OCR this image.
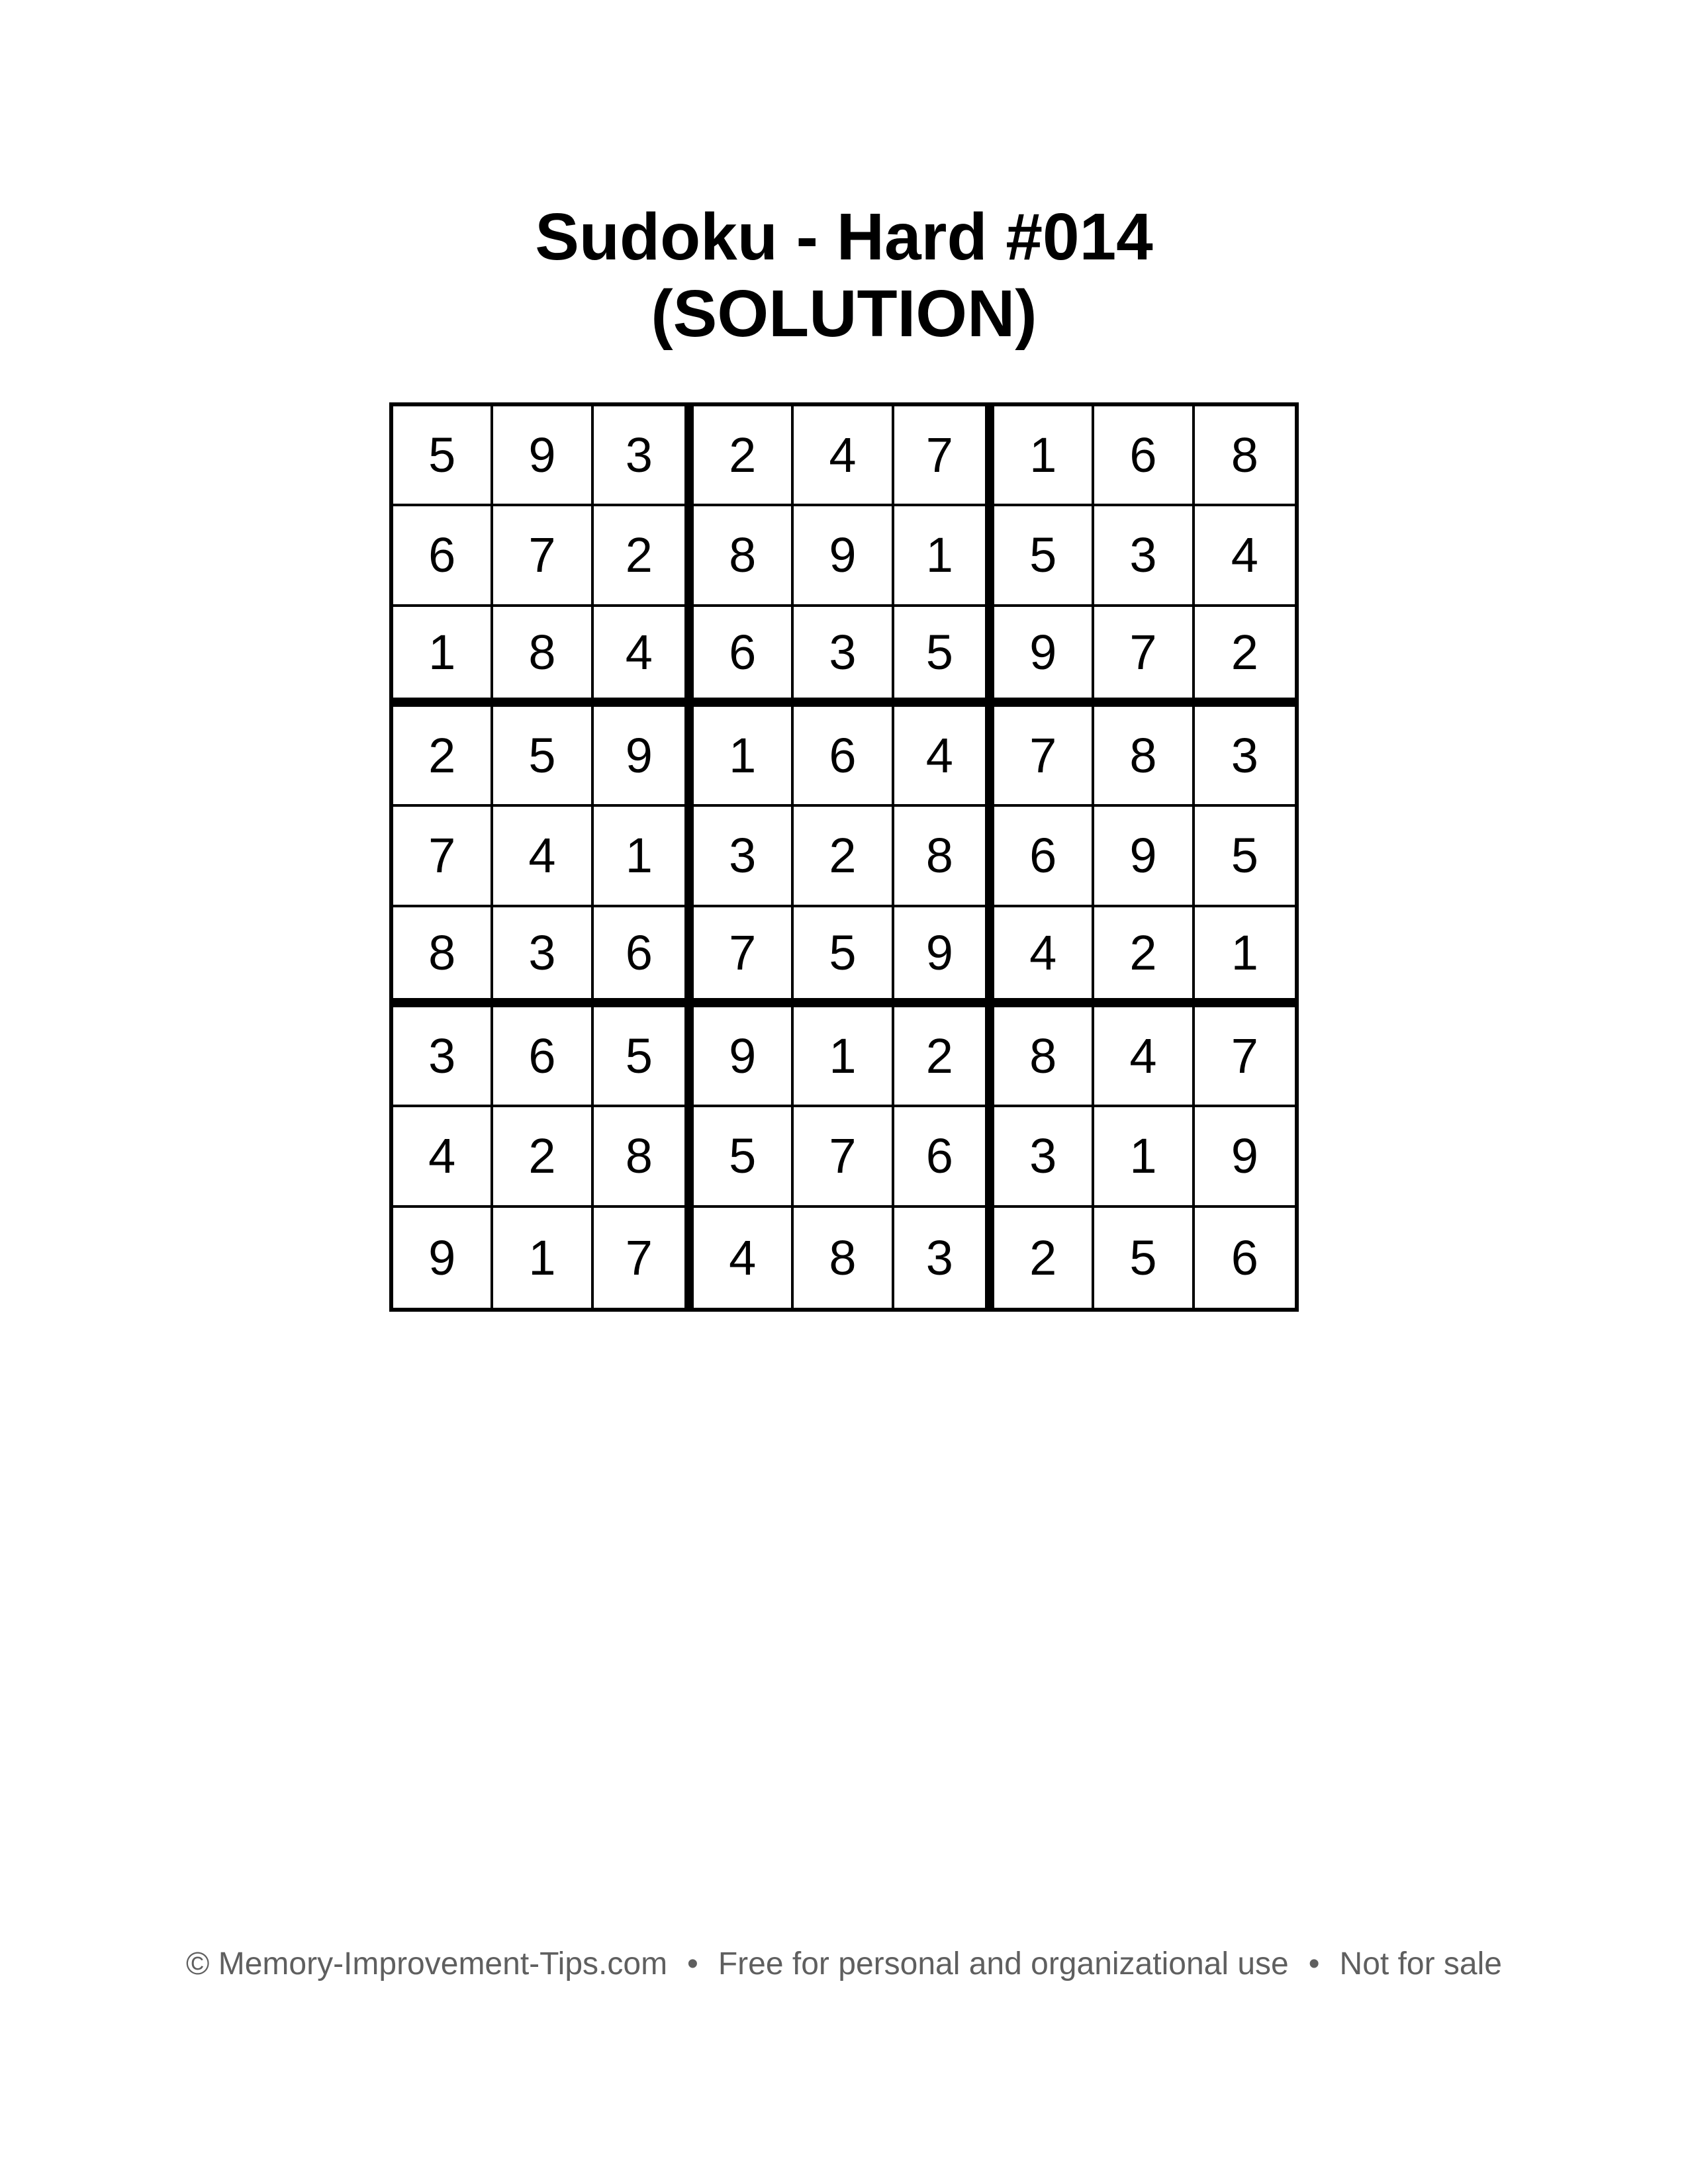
Sudoku - Hard #014
(SOLUTION)
5	9	3	2	4	7	1	6	8
6	7	2	8	9	1	5	3	4
1	8	4	6	3	5	9	7	2
2	5	9	1	6	4	7	8	3
7	4	1	3	2	8	6	9	5
8	3	6	7	5	9	4	2	1
3	6	5	9	1	2	8	4	7
4	2	8	5	7	6	3	1	9
9	1	7	4	8	3	2	5	6
© Memory-Improvement-Tips.com • Free for personal and organizational use • Not for sale
